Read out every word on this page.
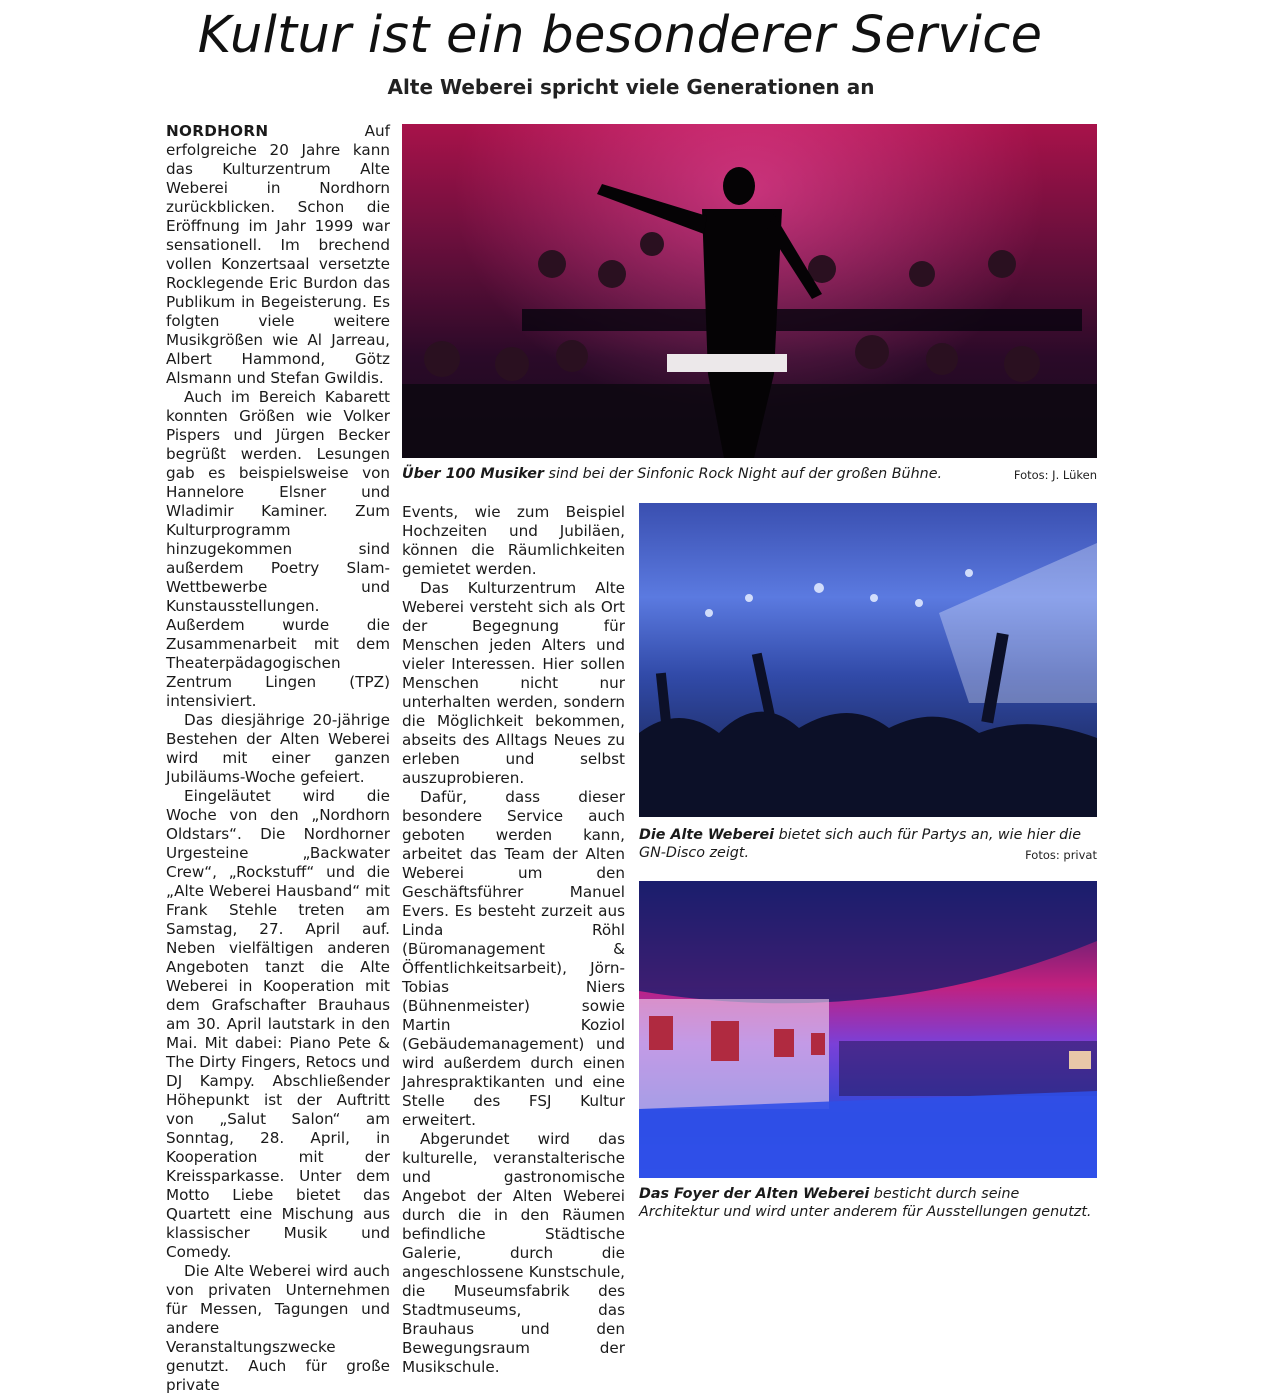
Kultur ist ein besonderer Service
Alte Weberei spricht viele Generationen an

NORDHORN	Auf erfolgreiche 20 Jahre kann das Kulturzentrum Alte Weberei in Nordhorn zurückblicken. Schon die Eröffnung im Jahr 1999 war sensationell. Im brechend vollen Konzertsaal versetzte Rocklegende Eric Burdon das Publikum in Begeisterung. Es folgten viele weitere Musikgrößen wie Al Jarreau, Albert Hammond, Götz Alsmann und Stefan Gwildis.

Auch im Bereich Kabarett konnten Größen wie Volker Pispers und Jürgen Becker begrüßt werden. Lesungen gab es beispielsweise von Hannelore Elsner und Wladimir Kaminer. Zum Kulturprogramm hinzugekommen sind außerdem Poetry Slam-Wettbewerbe und Kunstausstellungen. Außerdem wurde die Zusammenarbeit mit dem Theaterpädagogischen Zentrum Lingen (TPZ) intensiviert.

Das diesjährige 20-jährige Bestehen der Alten Weberei wird mit einer ganzen Jubiläums-Woche gefeiert.

Eingeläutet wird die Woche von den „Nordhorn Oldstars“. Die Nordhorner Urgesteine „Backwater Crew“, „Rockstuff“ und die „Alte Weberei Hausband“ mit Frank Stehle treten am Samstag, 27. April auf. Neben vielfältigen anderen Angeboten tanzt die Alte Weberei in Kooperation mit dem Grafschafter Brauhaus am 30. April lautstark in den Mai. Mit dabei: Piano Pete & The Dirty Fingers, Retocs und DJ Kampy. Abschließender Höhepunkt ist der Auftritt von „Salut Salon“ am Sonntag, 28. April, in Kooperation mit der Kreissparkasse. Unter dem Motto Liebe bietet das Quartett eine Mischung aus klassischer Musik und Comedy.

Die Alte Weberei wird auch von privaten Unternehmen für Messen, Tagungen und andere Veranstaltungszwecke genutzt. Auch für große private

Über 100 Musiker sind bei der Sinfonic Rock Night auf der großen Bühne.	Fotos: J. Lüken

Events, wie zum Beispiel Hochzeiten und Jubiläen, können die Räumlichkeiten gemietet werden.

Das Kulturzentrum Alte Weberei versteht sich als Ort der Begegnung für Menschen jeden Alters und vieler Interessen. Hier sollen Menschen nicht nur unterhalten werden, sondern die Möglichkeit bekommen, abseits des Alltags Neues zu erleben und selbst auszuprobieren.

Dafür, dass dieser besondere Service auch geboten werden kann, arbeitet das Team der Alten Weberei um den Geschäftsführer Manuel Evers. Es besteht zurzeit aus Linda Röhl (Büromanagement & Öffentlichkeitsarbeit), Jörn-Tobias Niers (Bühnenmeister) sowie Martin Koziol (Gebäudemanagement) und wird außerdem durch einen Jahrespraktikanten und eine Stelle des FSJ Kultur erweitert.

Abgerundet wird das kulturelle, veranstalterische und gastronomische Angebot der Alten Weberei durch die in den Räumen befindliche Städtische Galerie, durch die angeschlossene Kunstschule, die Museumsfabrik des Stadtmuseums, das Brauhaus und den Bewegungsraum der Musikschule.

Die Alte Weberei bietet sich auch für Partys an, wie hier die GN-Disco zeigt.	Fotos: privat
Das Foyer der Alten Weberei besticht durch seine Architektur und wird unter anderem für Ausstellungen genutzt.
